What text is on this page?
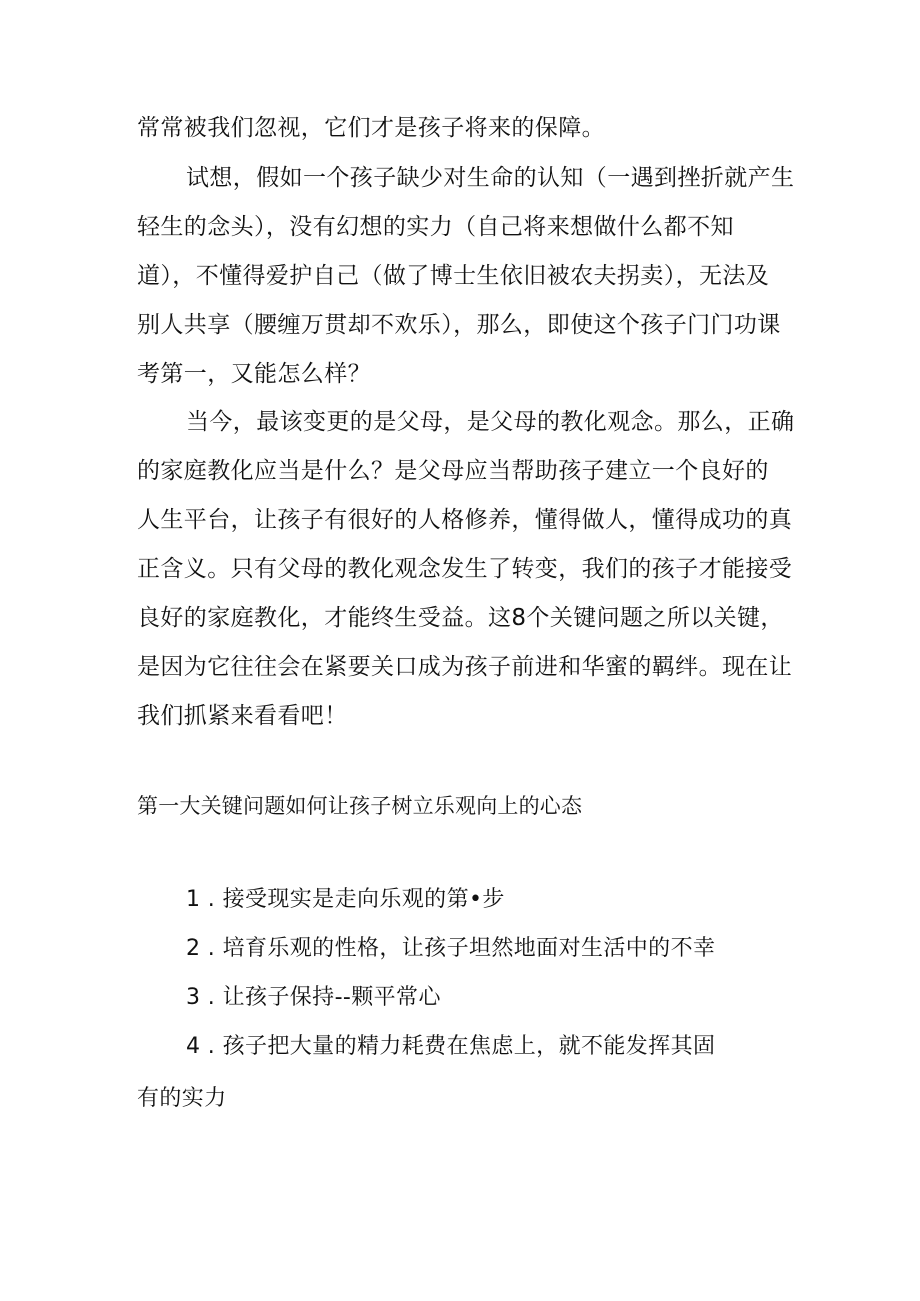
常常被我们忽视，它们才是孩子将来的保障。
试想，假如一个孩子缺少对生命的认知（一遇到挫折就产生
轻生的念头），没有幻想的实力（自己将来想做什么都不知
道），不懂得爱护自己（做了博士生依旧被农夫拐卖），无法及
别人共享（腰缠万贯却不欢乐），那么，即使这个孩子门门功课
考第一，又能怎么样？
当今，最该变更的是父母，是父母的教化观念。那么，正确
的家庭教化应当是什么？是父母应当帮助孩子建立一个良好的
人生平台，让孩子有很好的人格修养，懂得做人，懂得成功的真
正含义。只有父母的教化观念发生了转变，我们的孩子才能接受
良好的家庭教化，才能终生受益。这8个关键问题之所以关键，
是因为它往往会在紧要关口成为孩子前进和华蜜的羁绊。现在让
我们抓紧来看看吧！
第一大关键问题如何让孩子树立乐观向上的心态
1 . 接受现实是走向乐观的第•步
2 . 培育乐观的性格，让孩子坦然地面对生活中的不幸
3 . 让孩子保持--颗平常心
4 . 孩子把大量的精力耗费在焦虑上，就不能发挥其固
有的实力
